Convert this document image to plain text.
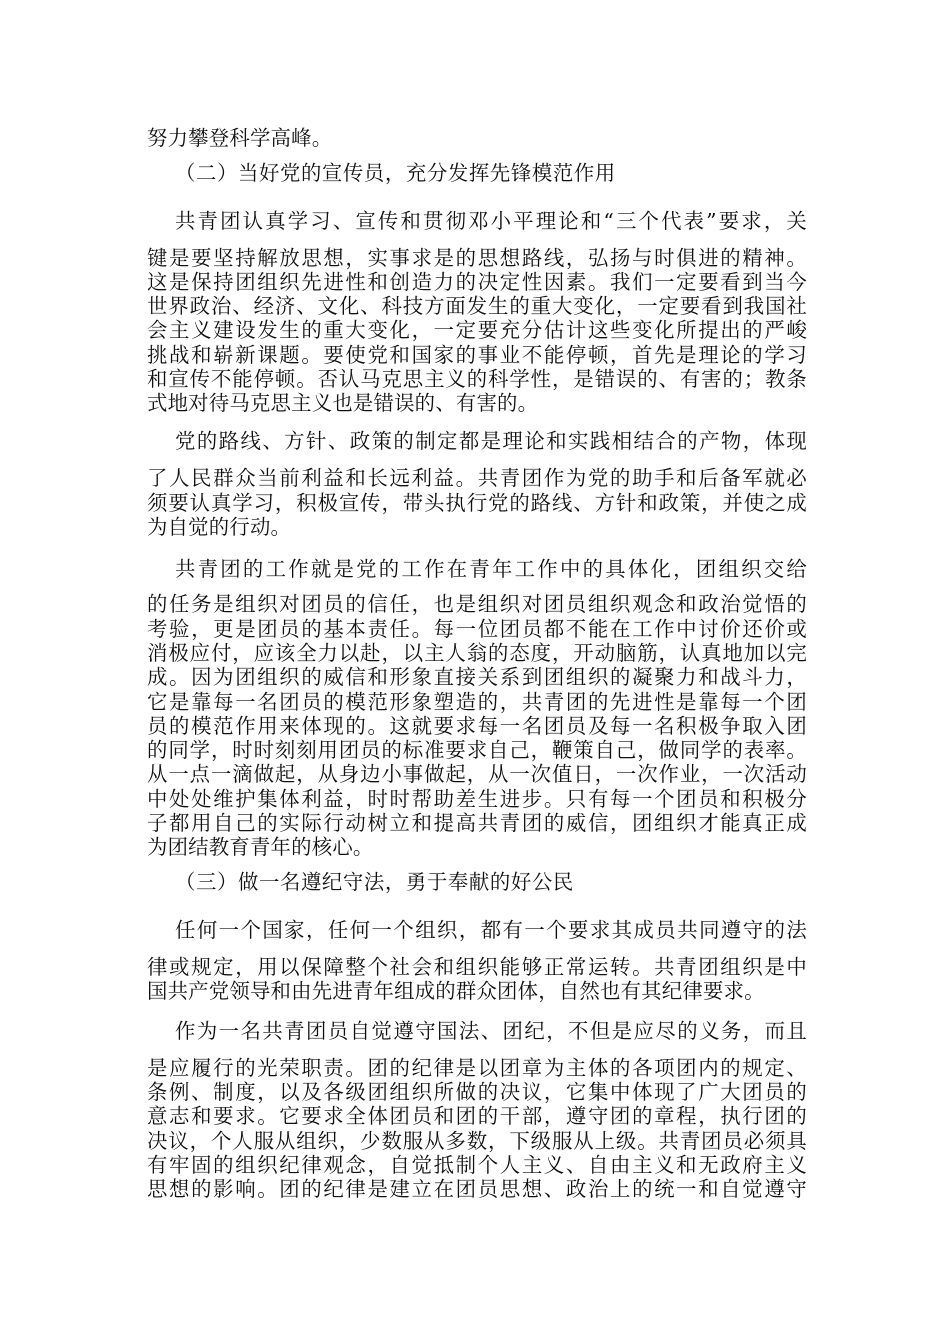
努力攀登科学高峰。
（二）当好党的宣传员，充分发挥先锋模范作用
共青团认真学习、宣传和贯彻邓小平理论和“三个代表”要求，关
键是要坚持解放思想，实事求是的思想路线，弘扬与时俱进的精神。
这是保持团组织先进性和创造力的决定性因素。我们一定要看到当今
世界政治、经济、文化、科技方面发生的重大变化，一定要看到我国社
会主义建设发生的重大变化，一定要充分估计这些变化所提出的严峻
挑战和崭新课题。要使党和国家的事业不能停顿，首先是理论的学习
和宣传不能停顿。否认马克思主义的科学性，是错误的、有害的；教条
式地对待马克思主义也是错误的、有害的。
党的路线、方针、政策的制定都是理论和实践相结合的产物，体现
了人民群众当前利益和长远利益。共青团作为党的助手和后备军就必
须要认真学习，积极宣传，带头执行党的路线、方针和政策，并使之成
为自觉的行动。
共青团的工作就是党的工作在青年工作中的具体化，团组织交给
的任务是组织对团员的信任，也是组织对团员组织观念和政治觉悟的
考验，更是团员的基本责任。每一位团员都不能在工作中讨价还价或
消极应付，应该全力以赴，以主人翁的态度，开动脑筋，认真地加以完
成。因为团组织的威信和形象直接关系到团组织的凝聚力和战斗力，
它是靠每一名团员的模范形象塑造的，共青团的先进性是靠每一个团
员的模范作用来体现的。这就要求每一名团员及每一名积极争取入团
的同学，时时刻刻用团员的标准要求自己，鞭策自己，做同学的表率。
从一点一滴做起，从身边小事做起，从一次值日，一次作业，一次活动
中处处维护集体利益，时时帮助差生进步。只有每一个团员和积极分
子都用自己的实际行动树立和提高共青团的威信，团组织才能真正成
为团结教育青年的核心。
（三）做一名遵纪守法，勇于奉献的好公民
任何一个国家，任何一个组织，都有一个要求其成员共同遵守的法
律或规定，用以保障整个社会和组织能够正常运转。共青团组织是中
国共产党领导和由先进青年组成的群众团体，自然也有其纪律要求。
作为一名共青团员自觉遵守国法、团纪，不但是应尽的义务，而且
是应履行的光荣职责。团的纪律是以团章为主体的各项团内的规定、
条例、制度，以及各级团组织所做的决议，它集中体现了广大团员的
意志和要求。它要求全体团员和团的干部，遵守团的章程，执行团的
决议，个人服从组织，少数服从多数，下级服从上级。共青团员必须具
有牢固的组织纪律观念，自觉抵制个人主义、自由主义和无政府主义
思想的影响。团的纪律是建立在团员思想、政治上的统一和自觉遵守
